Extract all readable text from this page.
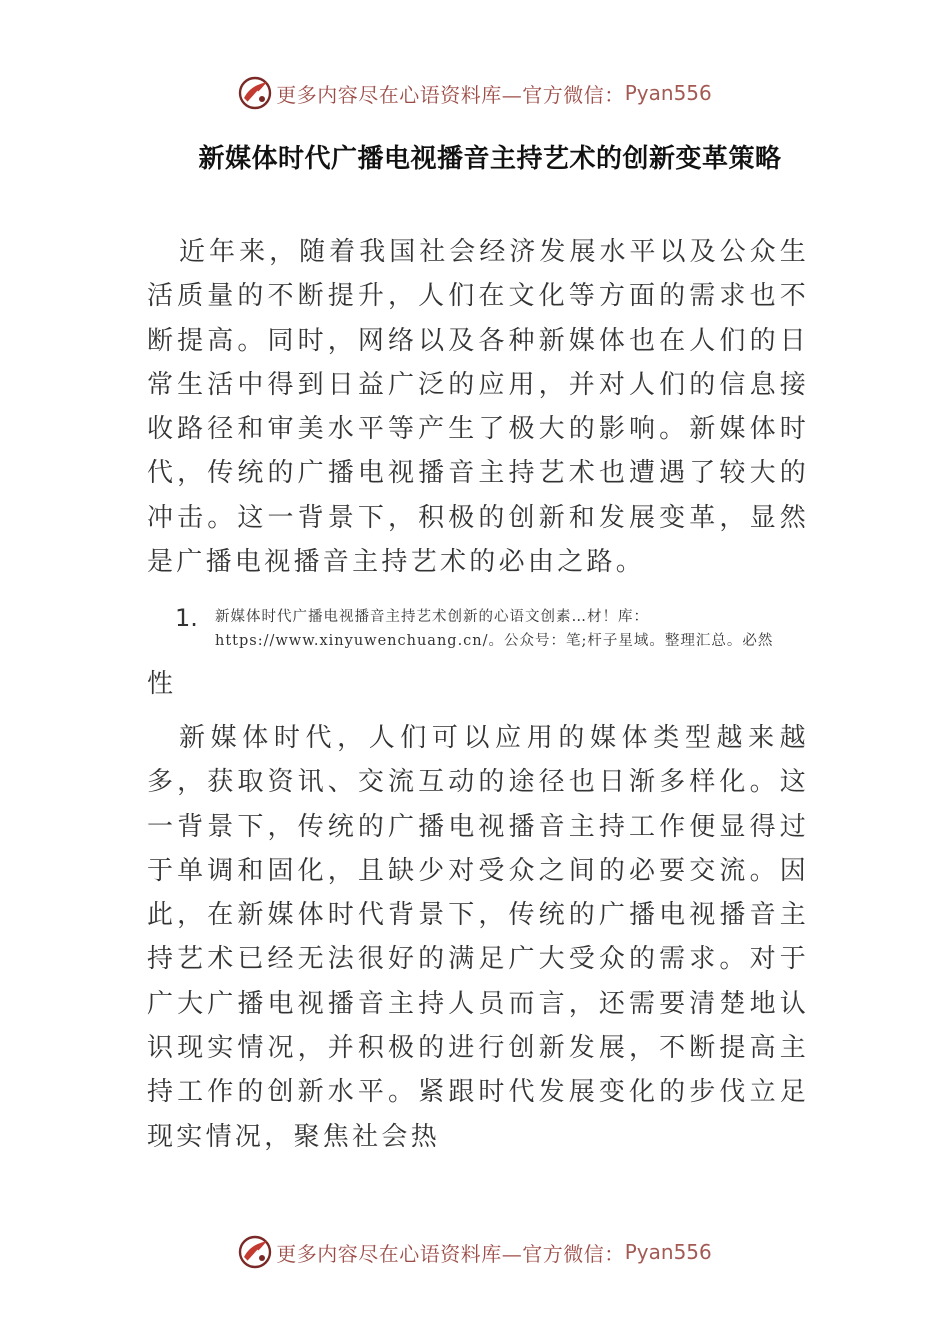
更多内容尽在心语资料库—官方微信： Pyan556
新媒体时代广播电视播音主持艺术的创新变革策略

近年来，随着我国社会经济发展水平以及公众生活质量的不断提升，人们在文化等方面的需求也不断提高。同时，网络以及各种新媒体也在人们的日常生活中得到日益广泛的应用，并对人们的信息接收路径和审美水平等产生了极大的影响。新媒体时代，传统的广播电视播音主持艺术也遭遇了较大的冲击。这一背景下，积极的创新和发展变革，显然是广播电视播音主持艺术的必由之路。

1.	新媒体时代广播电视播音主持艺术创新的心语文创素…材！库：https://www.xinyuwenchuang.cn/。公众号：笔;杆子星域。整理汇总。必然
性

新媒体时代，人们可以应用的媒体类型越来越多，获取资讯、交流互动的途径也日渐多样化。这一背景下，传统的广播电视播音主持工作便显得过于单调和固化，且缺少对受众之间的必要交流。因此，在新媒体时代背景下，传统的广播电视播音主持艺术已经无法很好的满足广大受众的需求。对于广大广播电视播音主持人员而言，还需要清楚地认识现实情况，并积极的进行创新发展，不断提高主持工作的创新水平。紧跟时代发展变化的步伐立足现实情况，聚焦社会热

更多内容尽在心语资料库—官方微信： Pyan556
